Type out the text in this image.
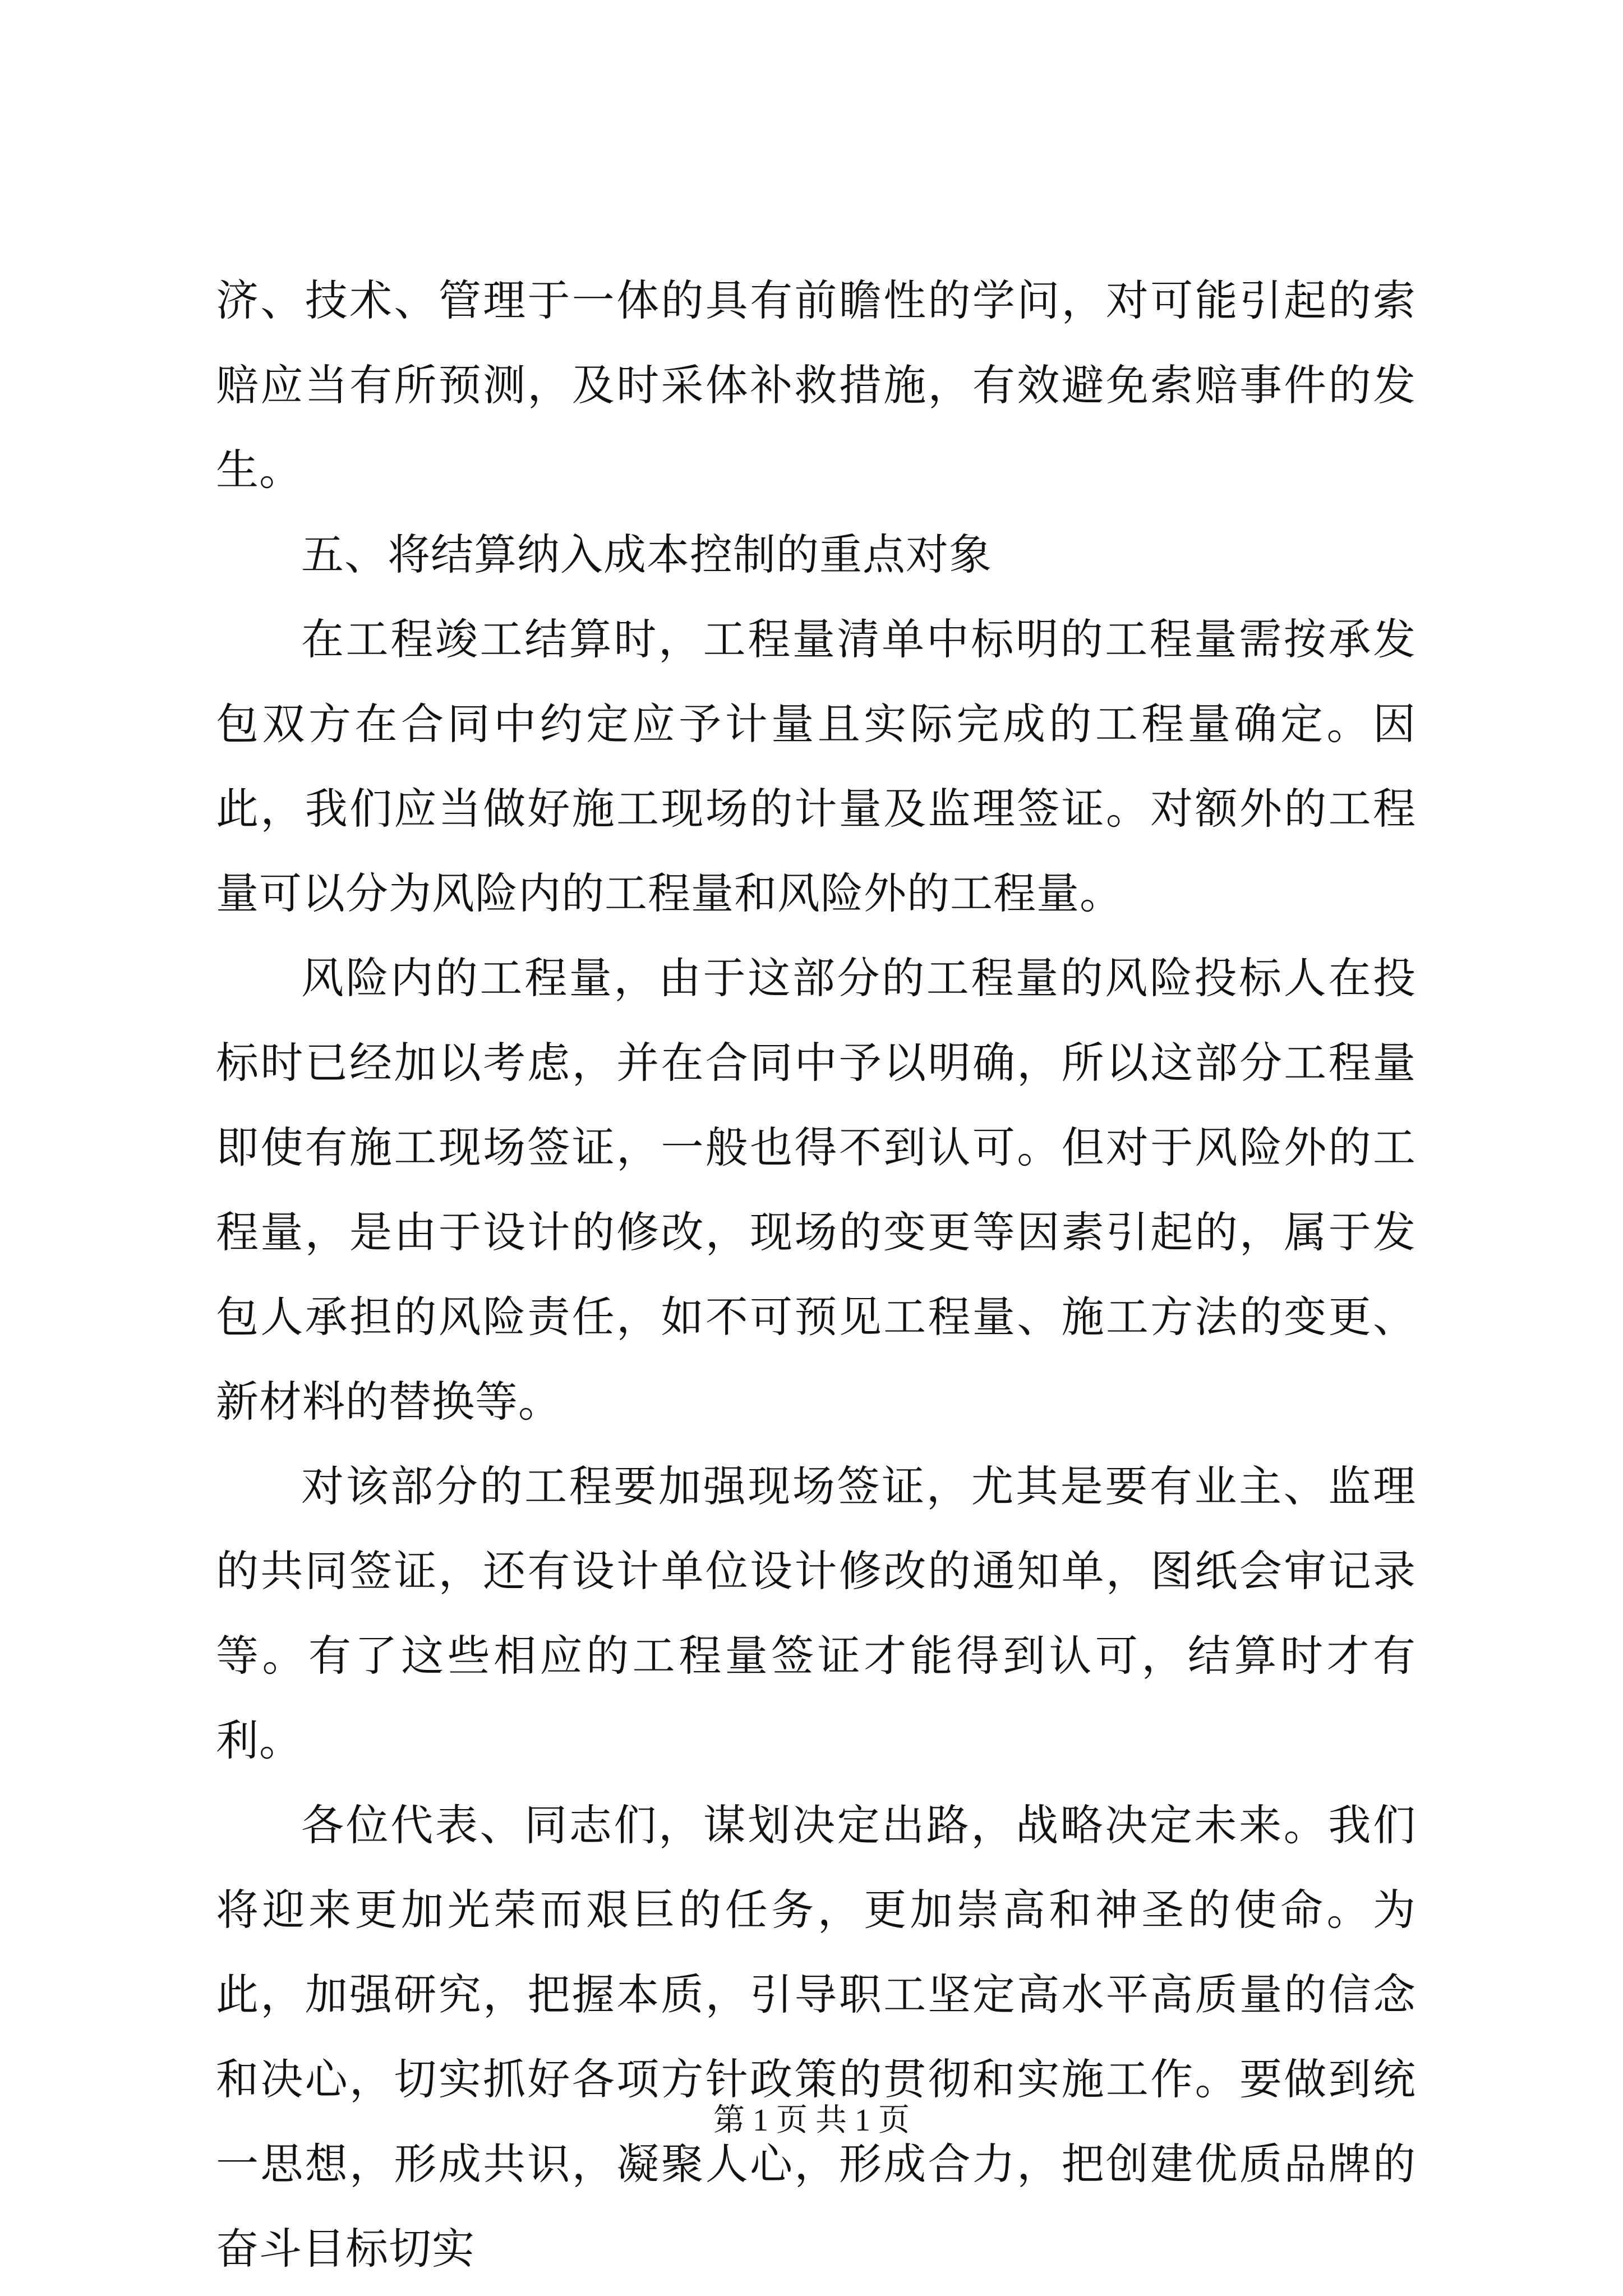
济、技术、管理于一体的具有前瞻性的学问，对可能引起的索赔应当有所预测，及时采体补救措施，有效避免索赔事件的发生。

五、将结算纳入成本控制的重点对象

在工程竣工结算时，工程量清单中标明的工程量需按承发包双方在合同中约定应予计量且实际完成的工程量确定。因此，我们应当做好施工现场的计量及监理签证。对额外的工程量可以分为风险内的工程量和风险外的工程量。

风险内的工程量，由于这部分的工程量的风险投标人在投标时已经加以考虑，并在合同中予以明确，所以这部分工程量即使有施工现场签证，一般也得不到认可。但对于风险外的工程量，是由于设计的修改，现场的变更等因素引起的，属于发包人承担的风险责任，如不可预见工程量、施工方法的变更、新材料的替换等。

对该部分的工程要加强现场签证，尤其是要有业主、监理的共同签证，还有设计单位设计修改的通知单，图纸会审记录等。有了这些相应的工程量签证才能得到认可，结算时才有利。

各位代表、同志们，谋划决定出路，战略决定未来。我们将迎来更加光荣而艰巨的任务，更加崇高和神圣的使命。为此，加强研究，把握本质，引导职工坚定高水平高质量的信念和决心，切实抓好各项方针政策的贯彻和实施工作。要做到统一思想，形成共识，凝聚人心，形成合力，把创建优质品牌的奋斗目标切实

第 1 页 共 1 页
